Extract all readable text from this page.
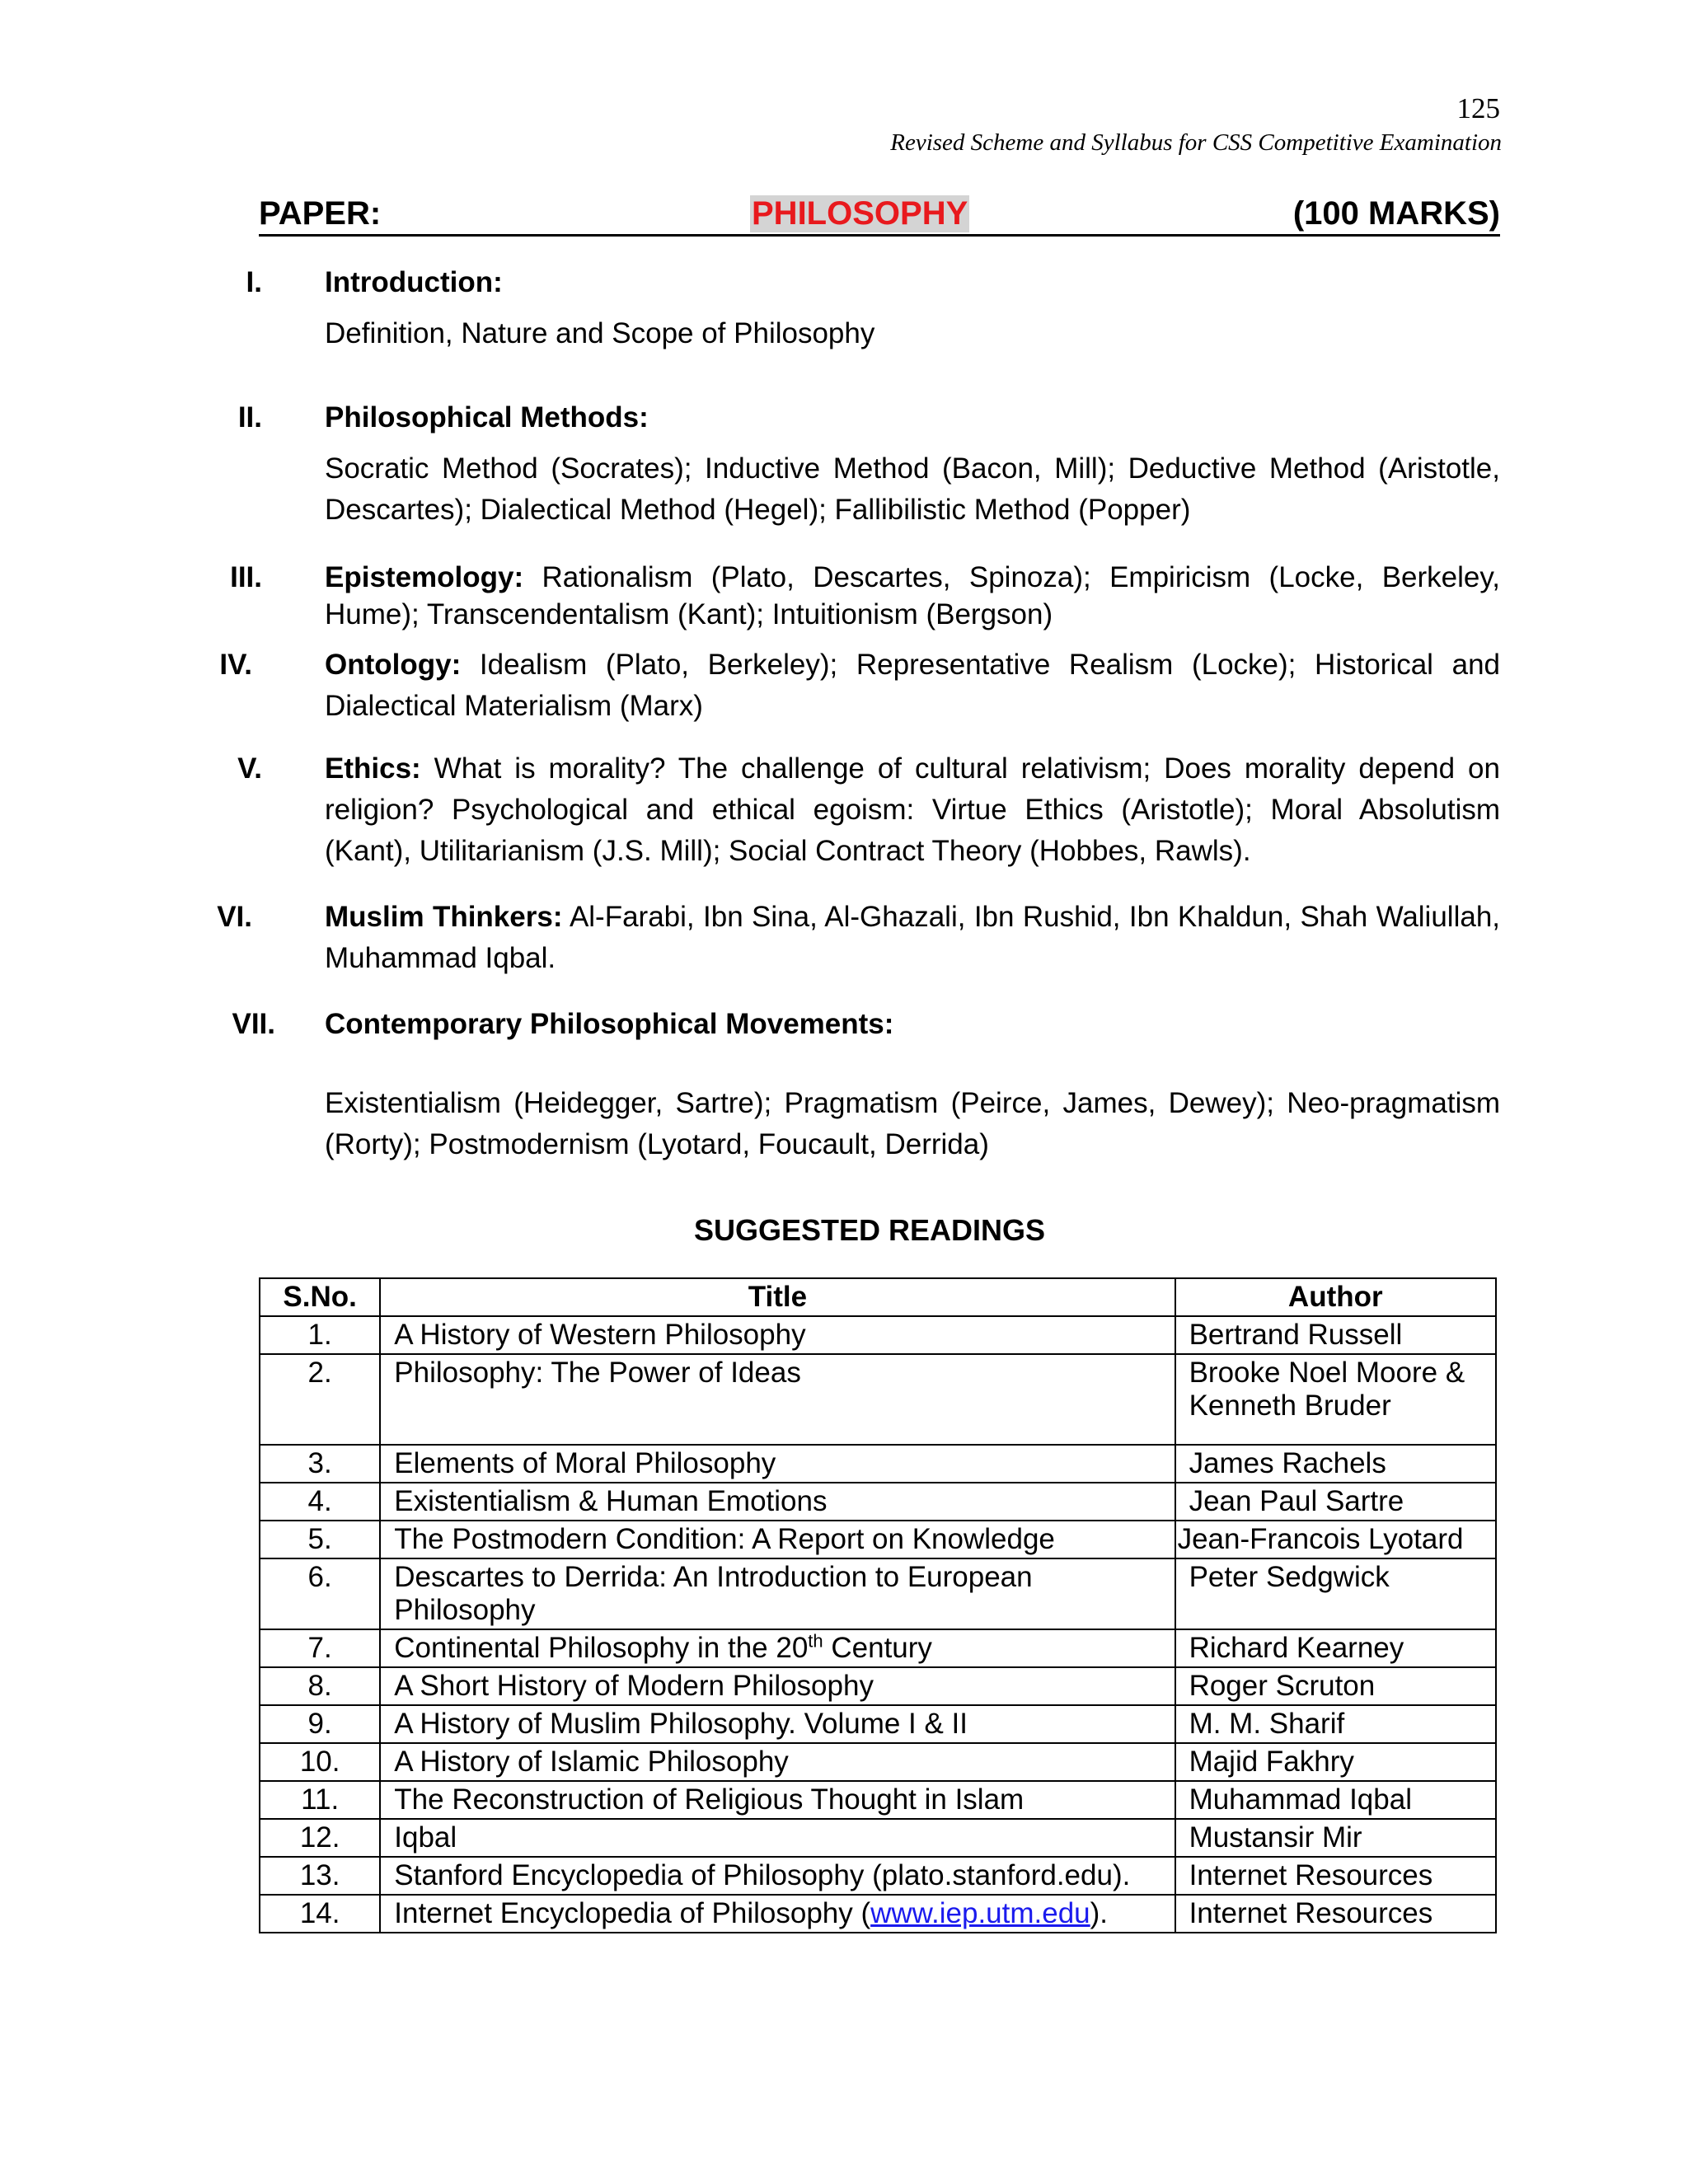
125
Revised Scheme and Syllabus for CSS Competitive Examination
PAPER:	PHILOSOPHY	(100 MARKS)
I. Introduction:
Definition, Nature and Scope of Philosophy
II. Philosophical Methods:
Socratic Method (Socrates); Inductive Method (Bacon, Mill); Deductive Method (Aristotle, Descartes); Dialectical Method (Hegel); Fallibilistic Method (Popper)
III. Epistemology: Rationalism (Plato, Descartes, Spinoza); Empiricism (Locke, Berkeley, Hume); Transcendentalism (Kant); Intuitionism (Bergson)
IV.	Ontology: Idealism (Plato, Berkeley); Representative Realism (Locke); Historical and Dialectical Materialism (Marx)
V. Ethics: What is morality? The challenge of cultural relativism; Does morality depend on religion? Psychological and ethical egoism: Virtue Ethics (Aristotle); Moral Absolutism (Kant), Utilitarianism (J.S. Mill); Social Contract Theory (Hobbes, Rawls).
VI.	Muslim Thinkers: Al-Farabi, Ibn Sina, Al-Ghazali, Ibn Rushid, Ibn Khaldun, Shah Waliullah, Muhammad Iqbal.
VII. Contemporary Philosophical Movements:
Existentialism (Heidegger, Sartre); Pragmatism (Peirce, James, Dewey); Neo-pragmatism (Rorty); Postmodernism (Lyotard, Foucault, Derrida)
SUGGESTED READINGS
S.No.	Title	Author
1.	A History of Western Philosophy	Bertrand Russell
2.	Philosophy: The Power of Ideas	Brooke Noel Moore & Kenneth Bruder
3.	Elements of Moral Philosophy	James Rachels
4.	Existentialism & Human Emotions	Jean Paul Sartre
5.	The Postmodern Condition: A Report on Knowledge	Jean-Francois Lyotard
6.	Descartes to Derrida: An Introduction to European Philosophy	Peter Sedgwick
7.	Continental Philosophy in the 20th Century	Richard Kearney
8.	A Short History of Modern Philosophy	Roger Scruton
9.	A History of Muslim Philosophy. Volume I & II	M. M. Sharif
10.	A History of Islamic Philosophy	Majid Fakhry
11.	The Reconstruction of Religious Thought in Islam	Muhammad Iqbal
12.	Iqbal	Mustansir Mir
13.	Stanford Encyclopedia of Philosophy (plato.stanford.edu).	Internet Resources
14.	Internet Encyclopedia of Philosophy (www.iep.utm.edu).	Internet Resources
